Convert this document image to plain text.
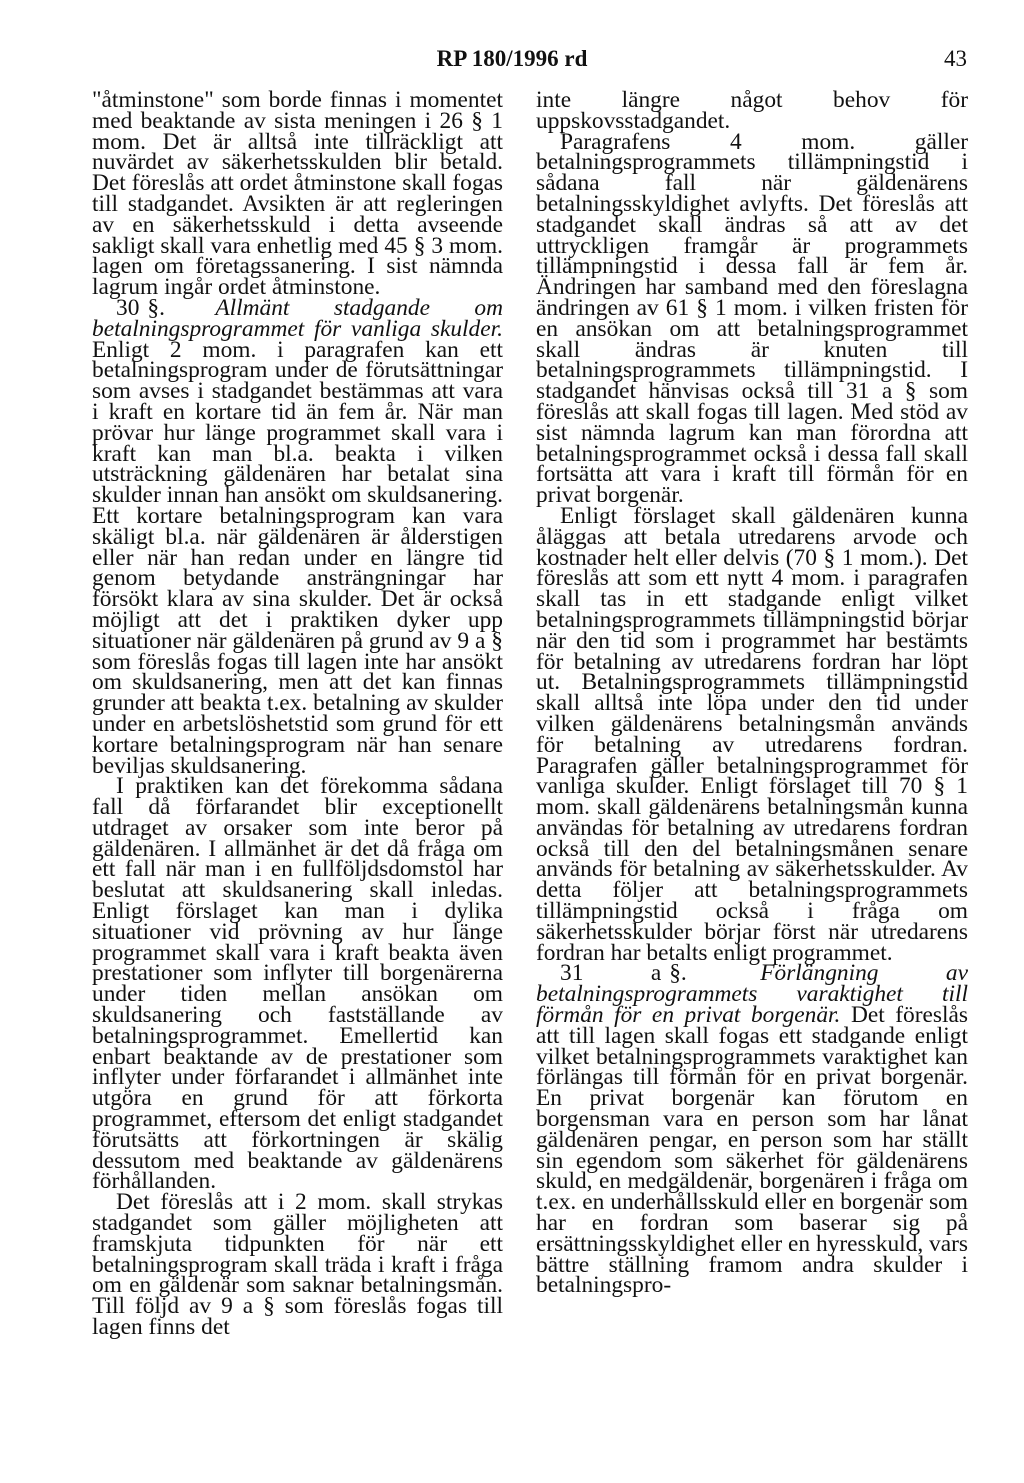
RP 180/1996 rd	43

"åtminstone" som borde finnas i momentet med beaktande av sista meningen i 26 § 1 mom. Det är alltså inte tillräckligt att nuvärdet av säkerhetsskulden blir betald. Det föreslås att ordet åtminstone skall fogas till stadgandet. Avsikten är att regleringen av en säkerhetsskuld i detta avseende sakligt skall vara enhetlig med 45 § 3 mom. lagen om företagssanering. I sist nämnda lagrum ingår ordet åtminstone.

30 §. Allmänt stadgande om betalningsprogrammet för vanliga skulder. Enligt 2 mom. i paragrafen kan ett betalningsprogram under de förutsättningar som avses i stadgandet bestämmas att vara i kraft en kortare tid än fem år. När man prövar hur länge programmet skall vara i kraft kan man bl.a. beakta i vilken utsträckning gäldenären har betalat sina skulder innan han ansökt om skuldsanering. Ett kortare betalningsprogram kan vara skäligt bl.a. när gäldenären är ålderstigen eller när han redan under en längre tid genom betydande ansträngningar har försökt klara av sina skulder. Det är också möjligt att det i praktiken dyker upp situationer när gäldenären på grund av 9 a § som föreslås fogas till lagen inte har ansökt om skuldsanering, men att det kan finnas grunder att beakta t.ex. betalning av skulder under en arbetslöshetstid som grund för ett kortare betalningsprogram när han senare beviljas skuldsanering.

I praktiken kan det förekomma sådana fall då förfarandet blir exceptionellt utdraget av orsaker som inte beror på gäldenären. I allmänhet är det då fråga om ett fall när man i en fullföljdsdomstol har beslutat att skuldsanering skall inledas. Enligt förslaget kan man i dylika situationer vid prövning av hur länge programmet skall vara i kraft beakta även prestationer som inflyter till borgenärerna under tiden mellan ansökan om skuldsanering och fastställande av betalningsprogrammet. Emellertid kan enbart beaktande av de prestationer som inflyter under förfarandet i allmänhet inte utgöra en grund för att förkorta programmet, eftersom det enligt stadgandet förutsätts att förkortningen är skälig dessutom med beaktande av gäldenärens förhållanden.

Det föreslås att i 2 mom. skall strykas stadgandet som gäller möjligheten att framskjuta tidpunkten för när ett betalningsprogram skall träda i kraft i fråga om en gäldenär som saknar betalningsmån. Till följd av 9 a § som föreslås fogas till lagen finns det

inte längre något behov för uppskovsstadgandet.

Paragrafens 4 mom. gäller betalningsprogrammets tillämpningstid i sådana fall när gäldenärens betalningsskyldighet avlyfts. Det föreslås att stadgandet skall ändras så att av det uttryckligen framgår är programmets tillämpningstid i dessa fall är fem år. Ändringen har samband med den föreslagna ändringen av 61 § 1 mom. i vilken fristen för en ansökan om att betalningsprogrammet skall ändras är knuten till betalningsprogrammets tillämpningstid. I stadgandet hänvisas också till 31 a § som föreslås att skall fogas till lagen. Med stöd av sist nämnda lagrum kan man förordna att betalningsprogrammet också i dessa fall skall fortsätta att vara i kraft till förmån för en privat borgenär.

Enligt förslaget skall gäldenären kunna åläggas att betala utredarens arvode och kostnader helt eller delvis (70 § 1 mom.). Det föreslås att som ett nytt 4 mom. i paragrafen skall tas in ett stadgande enligt vilket betalningsprogrammets tillämpningstid börjar när den tid som i programmet har bestämts för betalning av utredarens fordran har löpt ut. Betalningsprogrammets tillämpningstid skall alltså inte löpa under den tid under vilken gäldenärens betalningsmån används för betalning av utredarens fordran. Paragrafen gäller betalningsprogrammet för vanliga skulder. Enligt förslaget till 70 § 1 mom. skall gäldenärens betalningsmån kunna användas för betalning av utredarens fordran också till den del betalningsmånen senare används för betalning av säkerhetsskulder. Av detta följer att betalningsprogrammets tillämpningstid också i fråga om säkerhetsskulder börjar först när utredarens fordran har betalts enligt programmet.

31 a §.	Förlängning av betalningsprogrammets varaktighet till förmån för en privat borgenär. Det föreslås att till lagen skall fogas ett stadgande enligt vilket betalningsprogrammets varaktighet kan förlängas till förmån för en privat borgenär. En privat borgenär kan förutom en borgensman vara en person som har lånat gäldenären pengar, en person som har ställt sin egendom som säkerhet för gäldenärens skuld, en medgäldenär, borgenären i fråga om t.ex. en underhållsskuld eller en borgenär som har en fordran som baserar sig på ersättningsskyldighet eller en hyresskuld, vars bättre ställning framom andra skulder i betalningspro-
